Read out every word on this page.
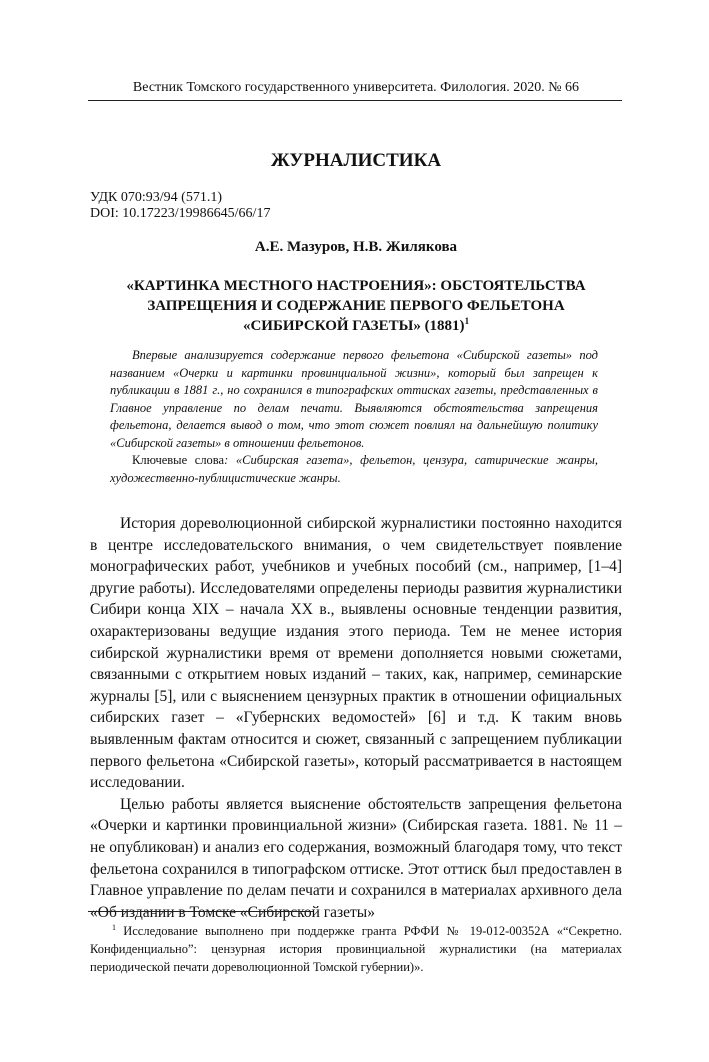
Вестник Томского государственного университета. Филология. 2020. № 66
ЖУРНАЛИСТИКА
УДК 070:93/94 (571.1)
DOI: 10.17223/19986645/66/17
А.Е. Мазуров, Н.В. Жилякова
«КАРТИНКА МЕСТНОГО НАСТРОЕНИЯ»: ОБСТОЯТЕЛЬСТВА
ЗАПРЕЩЕНИЯ И СОДЕРЖАНИЕ ПЕРВОГО ФЕЛЬЕТОНА
«СИБИРСКОЙ ГАЗЕТЫ» $(1881)^1$

Впервые анализируется содержание первого фельетона «Сибирской газеты» под названием «Очерки и картинки провинциальной жизни», который был запрещен к публикации в 1881 г., но сохранился в типографских оттисках газеты, представленных в Главное управление по делам печати. Выявляются обстоятельства запрещения фельетона, делается вывод о том, что этот сюжет повлиял на дальнейшую политику «Сибирской газеты» в отношении фельетонов.

Ключевые слова: «Сибирская газета», фельетон, цензура, сатирические жанры, художественно-публицистические жанры.

История дореволюционной сибирской журналистики постоянно находится в центре исследовательского внимания, о чем свидетельствует появление монографических работ, учебников и учебных пособий (см., например, [1–4] другие работы). Исследователями определены периоды развития журналистики Сибири конца XIX – начала XX в., выявлены основные тенденции развития, охарактеризованы ведущие издания этого периода. Тем не менее история сибирской журналистики время от времени дополняется новыми сюжетами, связанными с открытием новых изданий – таких, как, например, семинарские журналы [5], или с выяснением цензурных практик в отношении официальных сибирских газет – «Губернских ведомостей» [6] и т.д. К таким вновь выявленным фактам относится и сюжет, связанный с запрещением публикации первого фельетона «Сибирской газеты», который рассматривается в настоящем исследовании.

Целью работы является выяснение обстоятельств запрещения фельетона «Очерки и картинки провинциальной жизни» (Сибирская газета. 1881. № 11 – не опубликован) и анализ его содержания, возможный благодаря тому, что текст фельетона сохранился в типографском оттиске. Этот оттиск был предоставлен в Главное управление по делам печати и сохранился в материалах архивного дела «Об издании в Томске «Сибирской газеты»

$^1$ Исследование выполнено при поддержке гранта РФФИ № 19-012-00352А «“Секретно. Конфиденциально”: цензурная история провинциальной журналистики (на материалах периодической печати дореволюционной Томской губернии)».
